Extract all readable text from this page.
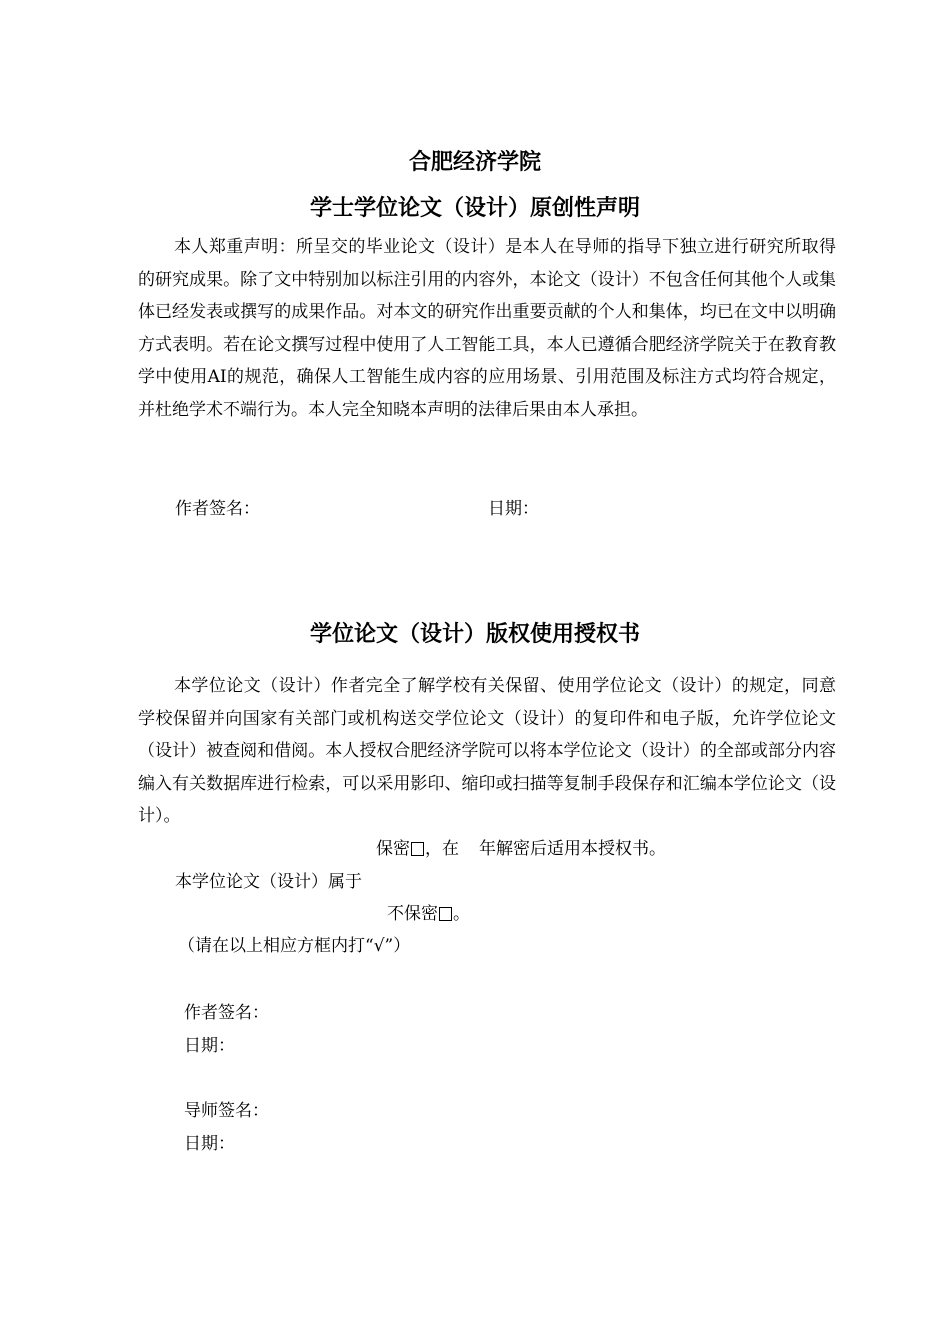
合肥经济学院
学士学位论文（设计）原创性声明

本人郑重声明：所呈交的毕业论文（设计）是本人在导师的指导下独立进行研究所取得的研究成果。除了文中特别加以标注引用的内容外，本论文（设计）不包含任何其他个人或集体已经发表或撰写的成果作品。对本文的研究作出重要贡献的个人和集体，均已在文中以明确方式表明。若在论文撰写过程中使用了人工智能工具，本人已遵循合肥经济学院关于在教育教学中使用AI的规范，确保人工智能生成内容的应用场景、引用范围及标注方式均符合规定，并杜绝学术不端行为。本人完全知晓本声明的法律后果由本人承担。

作者签名：	日期：
学位论文（设计）版权使用授权书

本学位论文（设计）作者完全了解学校有关保留、使用学位论文（设计）的规定，同意学校保留并向国家有关部门或机构送交学位论文（设计）的复印件和电子版，允许学位论文（设计）被查阅和借阅。本人授权合肥经济学院可以将本学位论文（设计）的全部或部分内容编入有关数据库进行检索，可以采用影印、缩印或扫描等复制手段保存和汇编本学位论文（设计）。

保密 ，在 年解密后适用本授权书。
本学位论文（设计）属于
不保密 。
（请在以上相应方框内打“√”）
作者签名：
日期：
导师签名：
日期：
